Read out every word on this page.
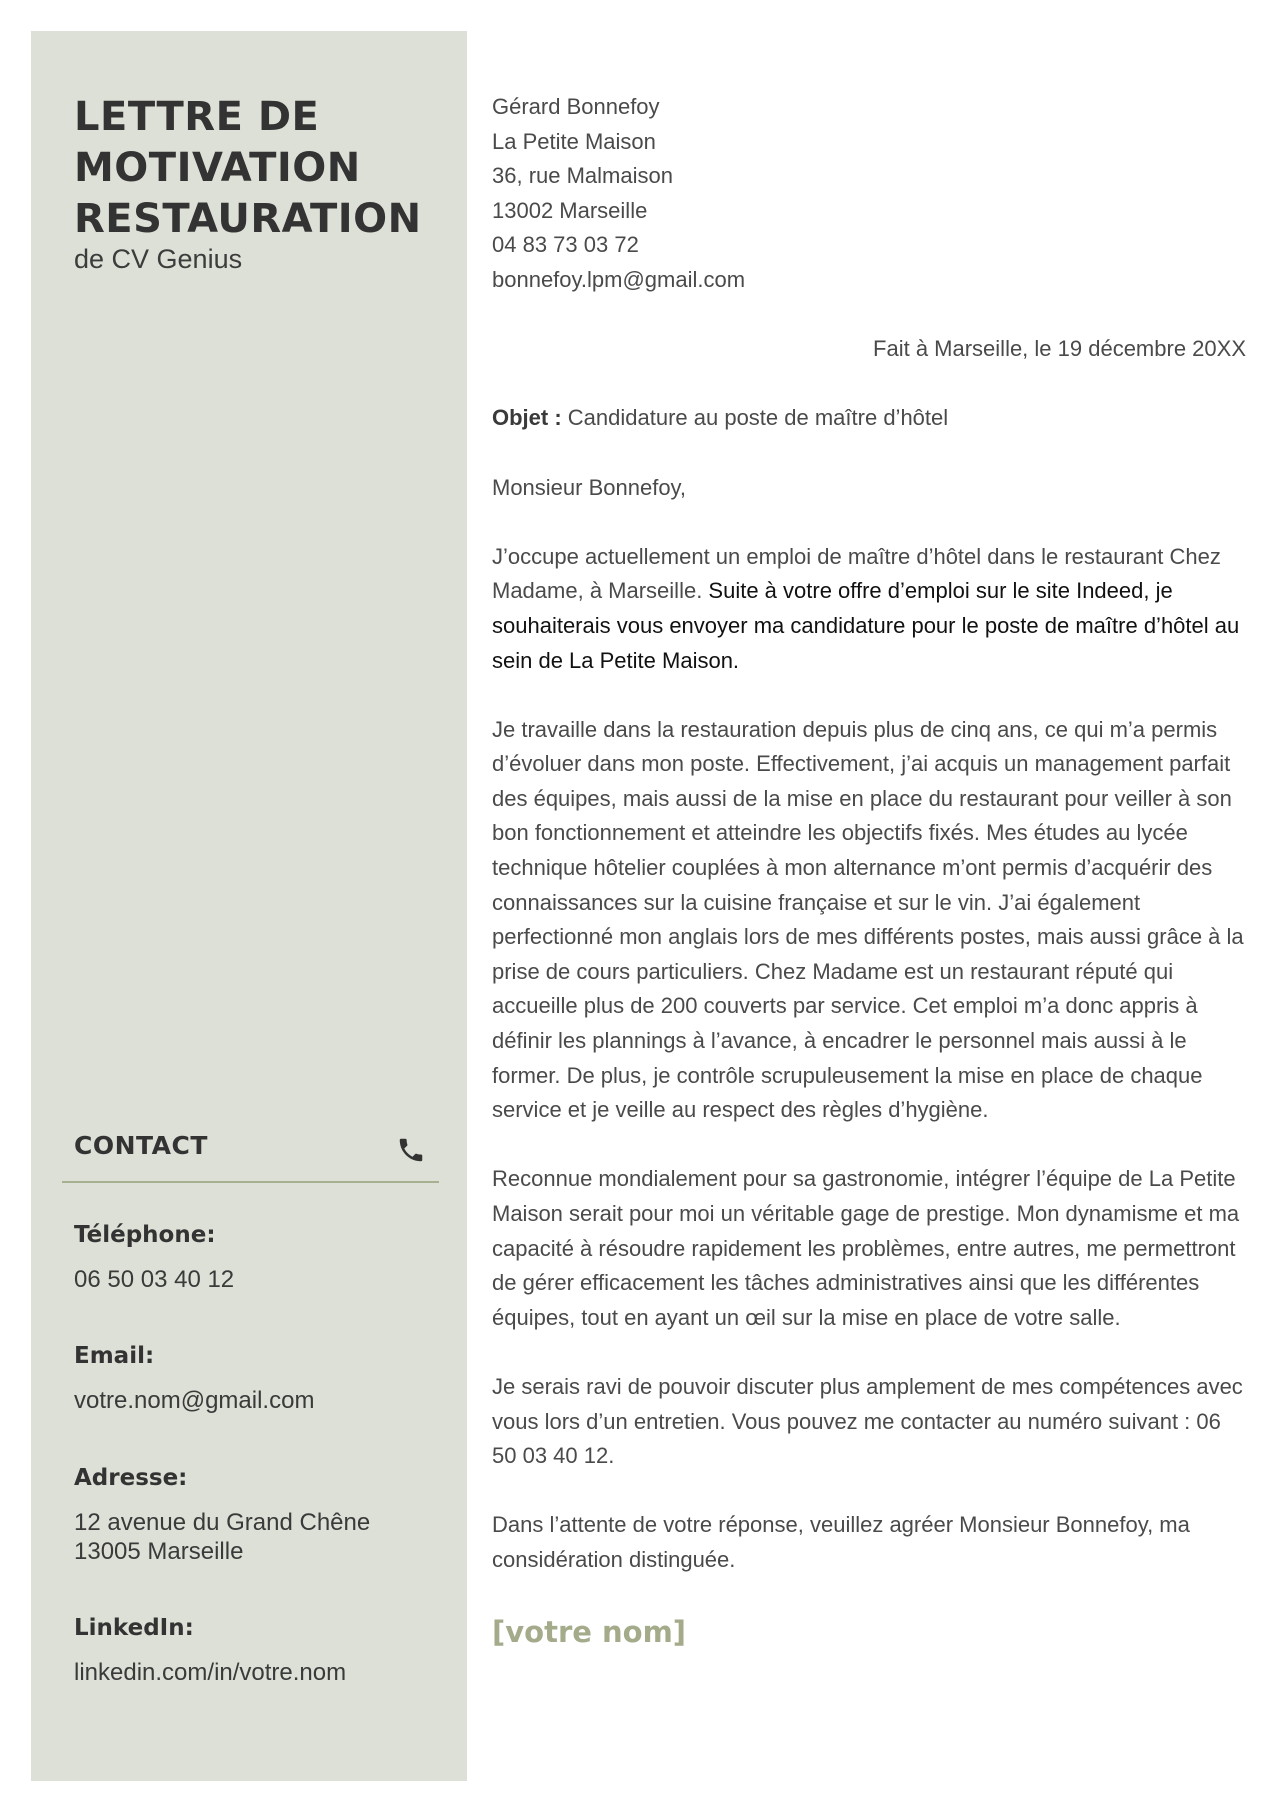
LETTRE DE
MOTIVATION
RESTAURATION
de CV Genius
CONTACT
Téléphone:
06 50 03 40 12
Email:
votre.nom@gmail.com
Adresse:
12 avenue du Grand Chêne
13005 Marseille
LinkedIn:
linkedin.com/in/votre.nom
Gérard Bonnefoy
La Petite Maison
36, rue Malmaison
13002 Marseille
04 83 73 03 72
bonnefoy.lpm@gmail.com

Fait à Marseille, le 19 décembre 20XX

Objet : Candidature au poste de maître d’hôtel

Monsieur Bonnefoy,

J’occupe actuellement un emploi de maître d’hôtel dans le restaurant Chez Madame, à Marseille. Suite à votre offre d’emploi sur le site Indeed, je souhaiterais vous envoyer ma candidature pour le poste de maître d’hôtel au sein de La Petite Maison.

Je travaille dans la restauration depuis plus de cinq ans, ce qui m’a permis d’évoluer dans mon poste. Effectivement, j’ai acquis un management parfait des équipes, mais aussi de la mise en place du restaurant pour veiller à son bon fonctionnement et atteindre les objectifs fixés. Mes études au lycée technique hôtelier couplées à mon alternance m’ont permis d’acquérir des connaissances sur la cuisine française et sur le vin. J’ai également perfectionné mon anglais lors de mes différents postes, mais aussi grâce à la prise de cours particuliers. Chez Madame est un restaurant réputé qui accueille plus de 200 couverts par service. Cet emploi m’a donc appris à définir les plannings à l’avance, à encadrer le personnel mais aussi à le former. De plus, je contrôle scrupuleusement la mise en place de chaque service et je veille au respect des règles d’hygiène.

Reconnue mondialement pour sa gastronomie, intégrer l’équipe de La Petite Maison serait pour moi un véritable gage de prestige. Mon dynamisme et ma capacité à résoudre rapidement les problèmes, entre autres, me permettront de gérer efficacement les tâches administratives ainsi que les différentes équipes, tout en ayant un œil sur la mise en place de votre salle.

Je serais ravi de pouvoir discuter plus amplement de mes compétences avec vous lors d’un entretien. Vous pouvez me contacter au numéro suivant : 06 50 03 40 12.

Dans l’attente de votre réponse, veuillez agréer Monsieur Bonnefoy, ma considération distinguée.

[votre nom]
